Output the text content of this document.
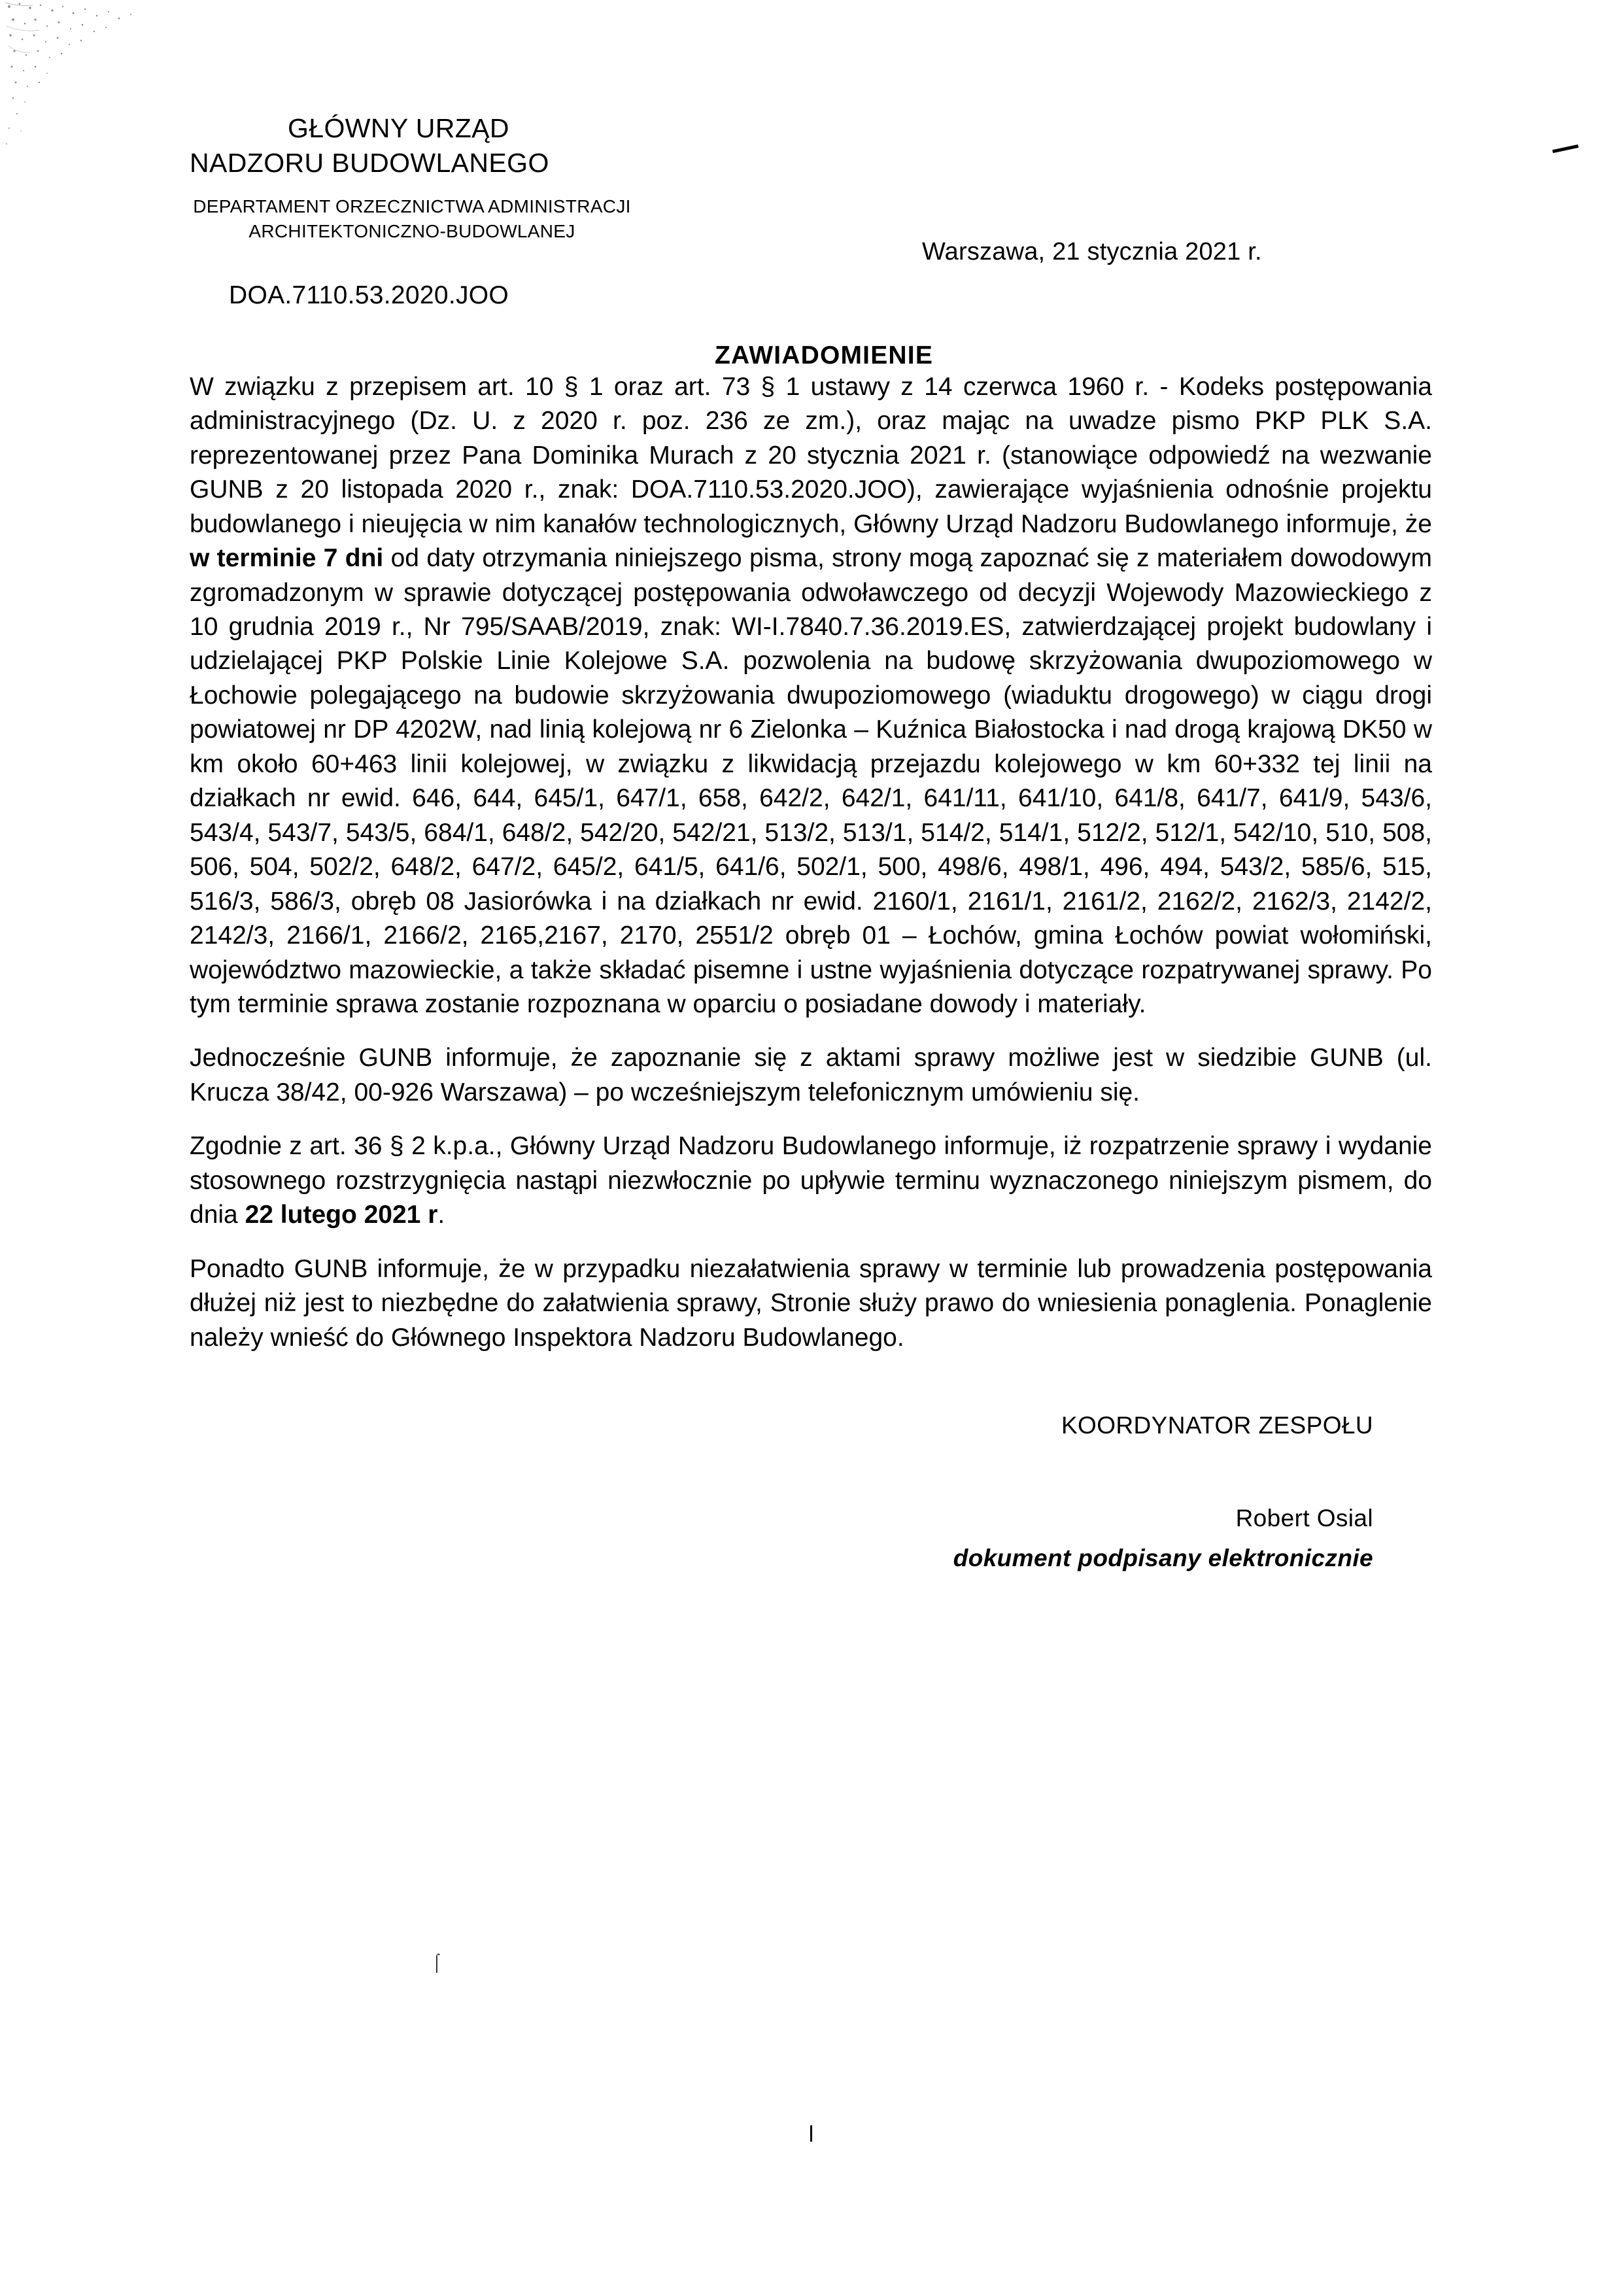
GŁÓWNY URZĄD
NADZORU BUDOWLANEGO
DEPARTAMENT ORZECZNICTWA ADMINISTRACJI ARCHITEKTONICZNO-BUDOWLANEJ
DOA.7110.53.2020.JOO
Warszawa, 21 stycznia 2021 r.
ZAWIADOMIENIE

W związku z przepisem art. 10 § 1 oraz art. 73 § 1 ustawy z 14 czerwca 1960 r. - Kodeks postępowania administracyjnego (Dz. U. z 2020 r. poz. 236 ze zm.), oraz mając na uwadze pismo PKP PLK S.A. reprezentowanej przez Pana Dominika Murach z 20 stycznia 2021 r. (stanowiące odpowiedź na wezwanie GUNB z 20 listopada 2020 r., znak: DOA.7110.53.2020.JOO), zawierające wyjaśnienia odnośnie projektu budowlanego i nieujęcia w nim kanałów technologicznych, Główny Urząd Nadzoru Budowlanego informuje, że w terminie 7 dni od daty otrzymania niniejszego pisma, strony mogą zapoznać się z materiałem dowodowym zgromadzonym w sprawie dotyczącej postępowania odwoławczego od decyzji Wojewody Mazowieckiego z 10 grudnia 2019 r., Nr 795/SAAB/2019, znak: WI-I.7840.7.36.2019.ES, zatwierdzającej projekt budowlany i udzielającej PKP Polskie Linie Kolejowe S.A. pozwolenia na budowę skrzyżowania dwupoziomowego w Łochowie polegającego na budowie skrzyżowania dwupoziomowego (wiaduktu drogowego) w ciągu drogi powiatowej nr DP 4202W, nad linią kolejową nr 6 Zielonka – Kuźnica Białostocka i nad drogą krajową DK50 w km około 60+463 linii kolejowej, w związku z likwidacją przejazdu kolejowego w km 60+332 tej linii na działkach nr ewid. 646, 644, 645/1, 647/1, 658, 642/2, 642/1, 641/11, 641/10, 641/8, 641/7, 641/9, 543/6, 543/4, 543/7, 543/5, 684/1, 648/2, 542/20, 542/21, 513/2, 513/1, 514/2, 514/1, 512/2, 512/1, 542/10, 510, 508, 506, 504, 502/2, 648/2, 647/2, 645/2, 641/5, 641/6, 502/1, 500, 498/6, 498/1, 496, 494, 543/2, 585/6, 515, 516/3, 586/3, obręb 08 Jasiorówka i na działkach nr ewid. 2160/1, 2161/1, 2161/2, 2162/2, 2162/3, 2142/2, 2142/3, 2166/1, 2166/2, 2165,2167, 2170, 2551/2 obręb 01 – Łochów, gmina Łochów powiat wołomiński, województwo mazowieckie, a także składać pisemne i ustne wyjaśnienia dotyczące rozpatrywanej sprawy. Po tym terminie sprawa zostanie rozpoznana w oparciu o posiadane dowody i materiały.

Jednocześnie GUNB informuje, że zapoznanie się z aktami sprawy możliwe jest w siedzibie GUNB (ul. Krucza 38/42, 00-926 Warszawa) – po wcześniejszym telefonicznym umówieniu się.

Zgodnie z art. 36 § 2 k.p.a., Główny Urząd Nadzoru Budowlanego informuje, iż rozpatrzenie sprawy i wydanie stosownego rozstrzygnięcia nastąpi niezwłocznie po upływie terminu wyznaczonego niniejszym pismem, do dnia 22 lutego 2021 r.

Ponadto GUNB informuje, że w przypadku niezałatwienia sprawy w terminie lub prowadzenia postępowania dłużej niż jest to niezbędne do załatwienia sprawy, Stronie służy prawo do wniesienia ponaglenia. Ponaglenie należy wnieść do Głównego Inspektora Nadzoru Budowlanego.

KOORDYNATOR ZESPOŁU
Robert Osial
dokument podpisany elektronicznie
⌠
l
